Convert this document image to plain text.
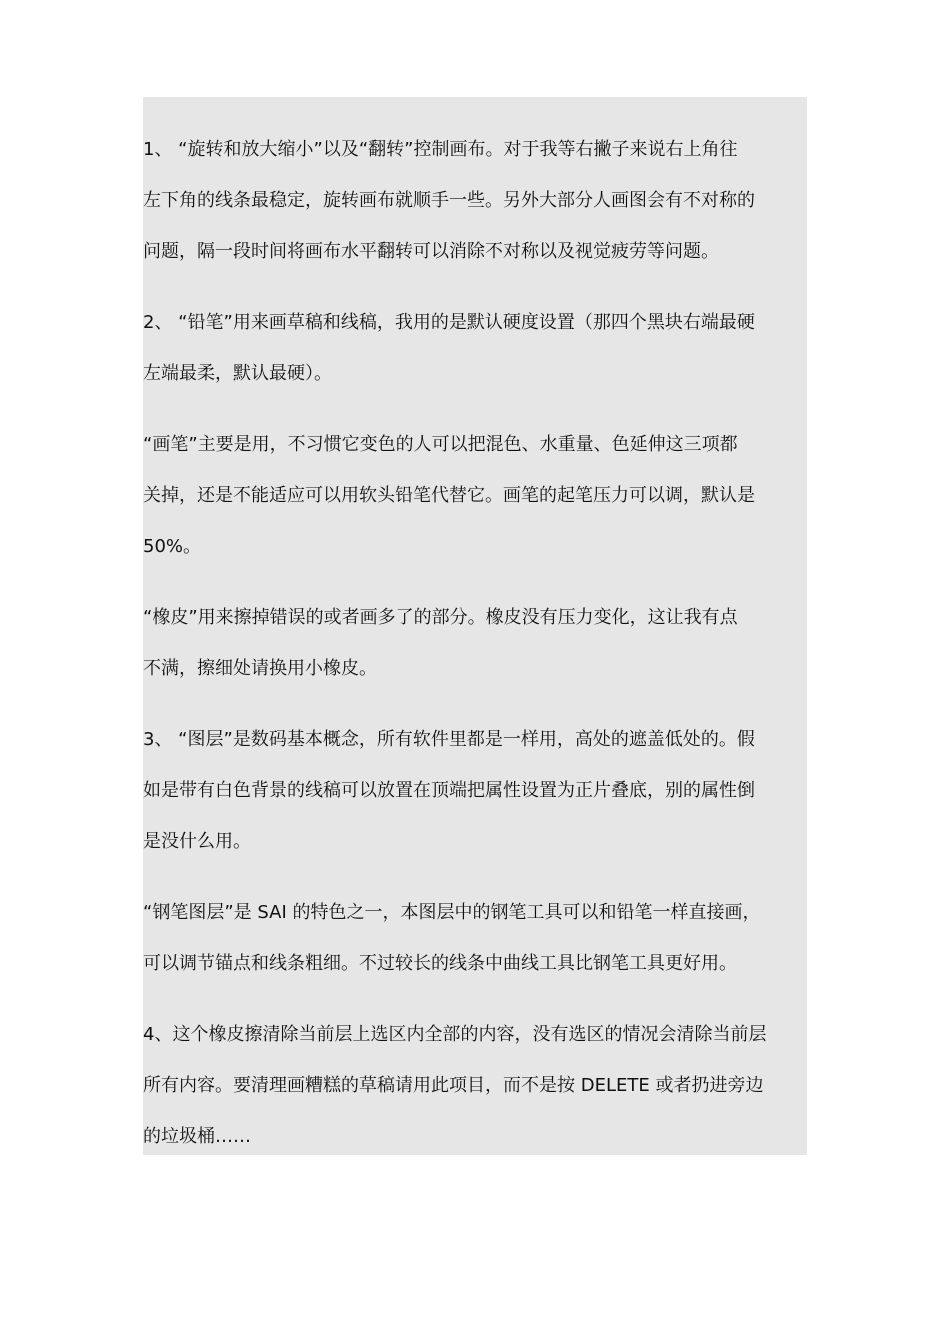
1、 “旋转和放大缩小”以及“翻转”控制画布。对于我等右撇子来说右上角往
左下角的线条最稳定，旋转画布就顺手一些。另外大部分人画图会有不对称的
问题，隔一段时间将画布水平翻转可以消除不对称以及视觉疲劳等问题。

2、 “铅笔”用来画草稿和线稿，我用的是默认硬度设置（那四个黑块右端最硬
左端最柔，默认最硬）。

“画笔”主要是用，不习惯它变色的人可以把混色、水重量、色延伸这三项都
关掉，还是不能适应可以用软头铅笔代替它。画笔的起笔压力可以调，默认是
50%。

“橡皮”用来擦掉错误的或者画多了的部分。橡皮没有压力变化，这让我有点
不满，擦细处请换用小橡皮。

3、 “图层”是数码基本概念，所有软件里都是一样用，高处的遮盖低处的。假
如是带有白色背景的线稿可以放置在顶端把属性设置为正片叠底，别的属性倒
是没什么用。

“钢笔图层”是 SAI 的特色之一，本图层中的钢笔工具可以和铅笔一样直接画，
可以调节锚点和线条粗细。不过较长的线条中曲线工具比钢笔工具更好用。

4、这个橡皮擦清除当前层上选区内全部的内容，没有选区的情况会清除当前层
所有内容。要清理画糟糕的草稿请用此项目，而不是按 DELETE 或者扔进旁边
的垃圾桶……
